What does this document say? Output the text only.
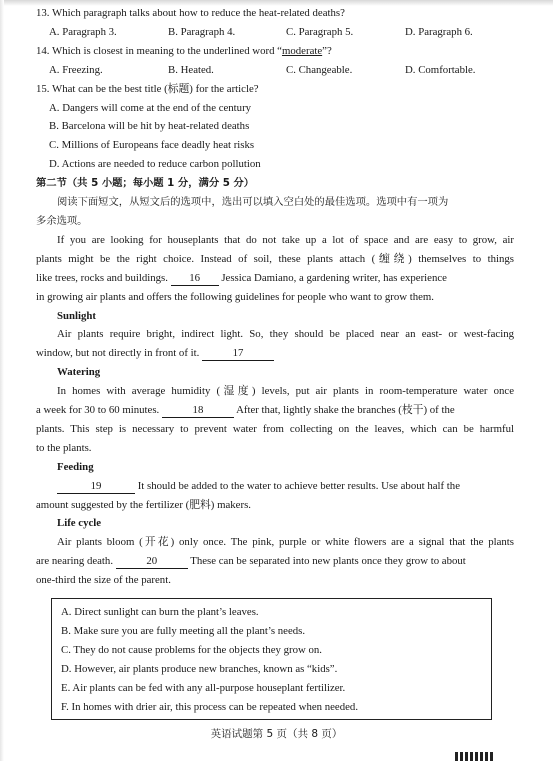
13. Which paragraph talks about how to reduce the heat-related deaths?
A. Paragraph 3.	B. Paragraph 4.	C. Paragraph 5.	D. Paragraph 6.
14. Which is closest in meaning to the underlined word “moderate”?
A. Freezing.	B. Heated.	C. Changeable.	D. Comfortable.
15. What can be the best title (标题) for the article?
A. Dangers will come at the end of the century
B. Barcelona will be hit by heat-related deaths
C. Millions of Europeans face deadly heat risks
D. Actions are needed to reduce carbon pollution
第二节（共 5 小题；每小题 1 分，满分 5 分）
阅读下面短文，从短文后的选项中，选出可以填入空白处的最佳选项。选项中有一项为
多余选项。
If you are looking for houseplants that do not take up a lot of space and are easy to grow, air
plants might be the right choice. Instead of soil, these plants attach (缠绕) themselves to things
like trees, rocks and buildings. 16 Jessica Damiano, a gardening writer, has experience
in growing air plants and offers the following guidelines for people who want to grow them.
Sunlight
Air plants require bright, indirect light. So, they should be placed near an east- or west-facing
window, but not directly in front of it.	17
Watering
In homes with average humidity (湿度) levels, put air plants in room-temperature water once
a week for 30 to 60 minutes.	18	After that, lightly shake the branches (枝干) of the
plants. This step is necessary to prevent water from collecting on the leaves, which can be harmful
to the plants.
Feeding
19	It should be added to the water to achieve better results. Use about half the
amount suggested by the fertilizer (肥料) makers.
Life cycle
Air plants bloom (开花) only once. The pink, purple or white flowers are a signal that the plants
are nearing death.	20	These can be separated into new plants once they grow to about
one-third the size of the parent.
A. Direct sunlight can burn the plant’s leaves.
B. Make sure you are fully meeting all the plant’s needs.
C. They do not cause problems for the objects they grow on.
D. However, air plants produce new branches, known as “kids”.
E. Air plants can be fed with any all-purpose houseplant fertilizer.
F. In homes with drier air, this process can be repeated when needed.
英语试题第 5 页（共 8 页）
